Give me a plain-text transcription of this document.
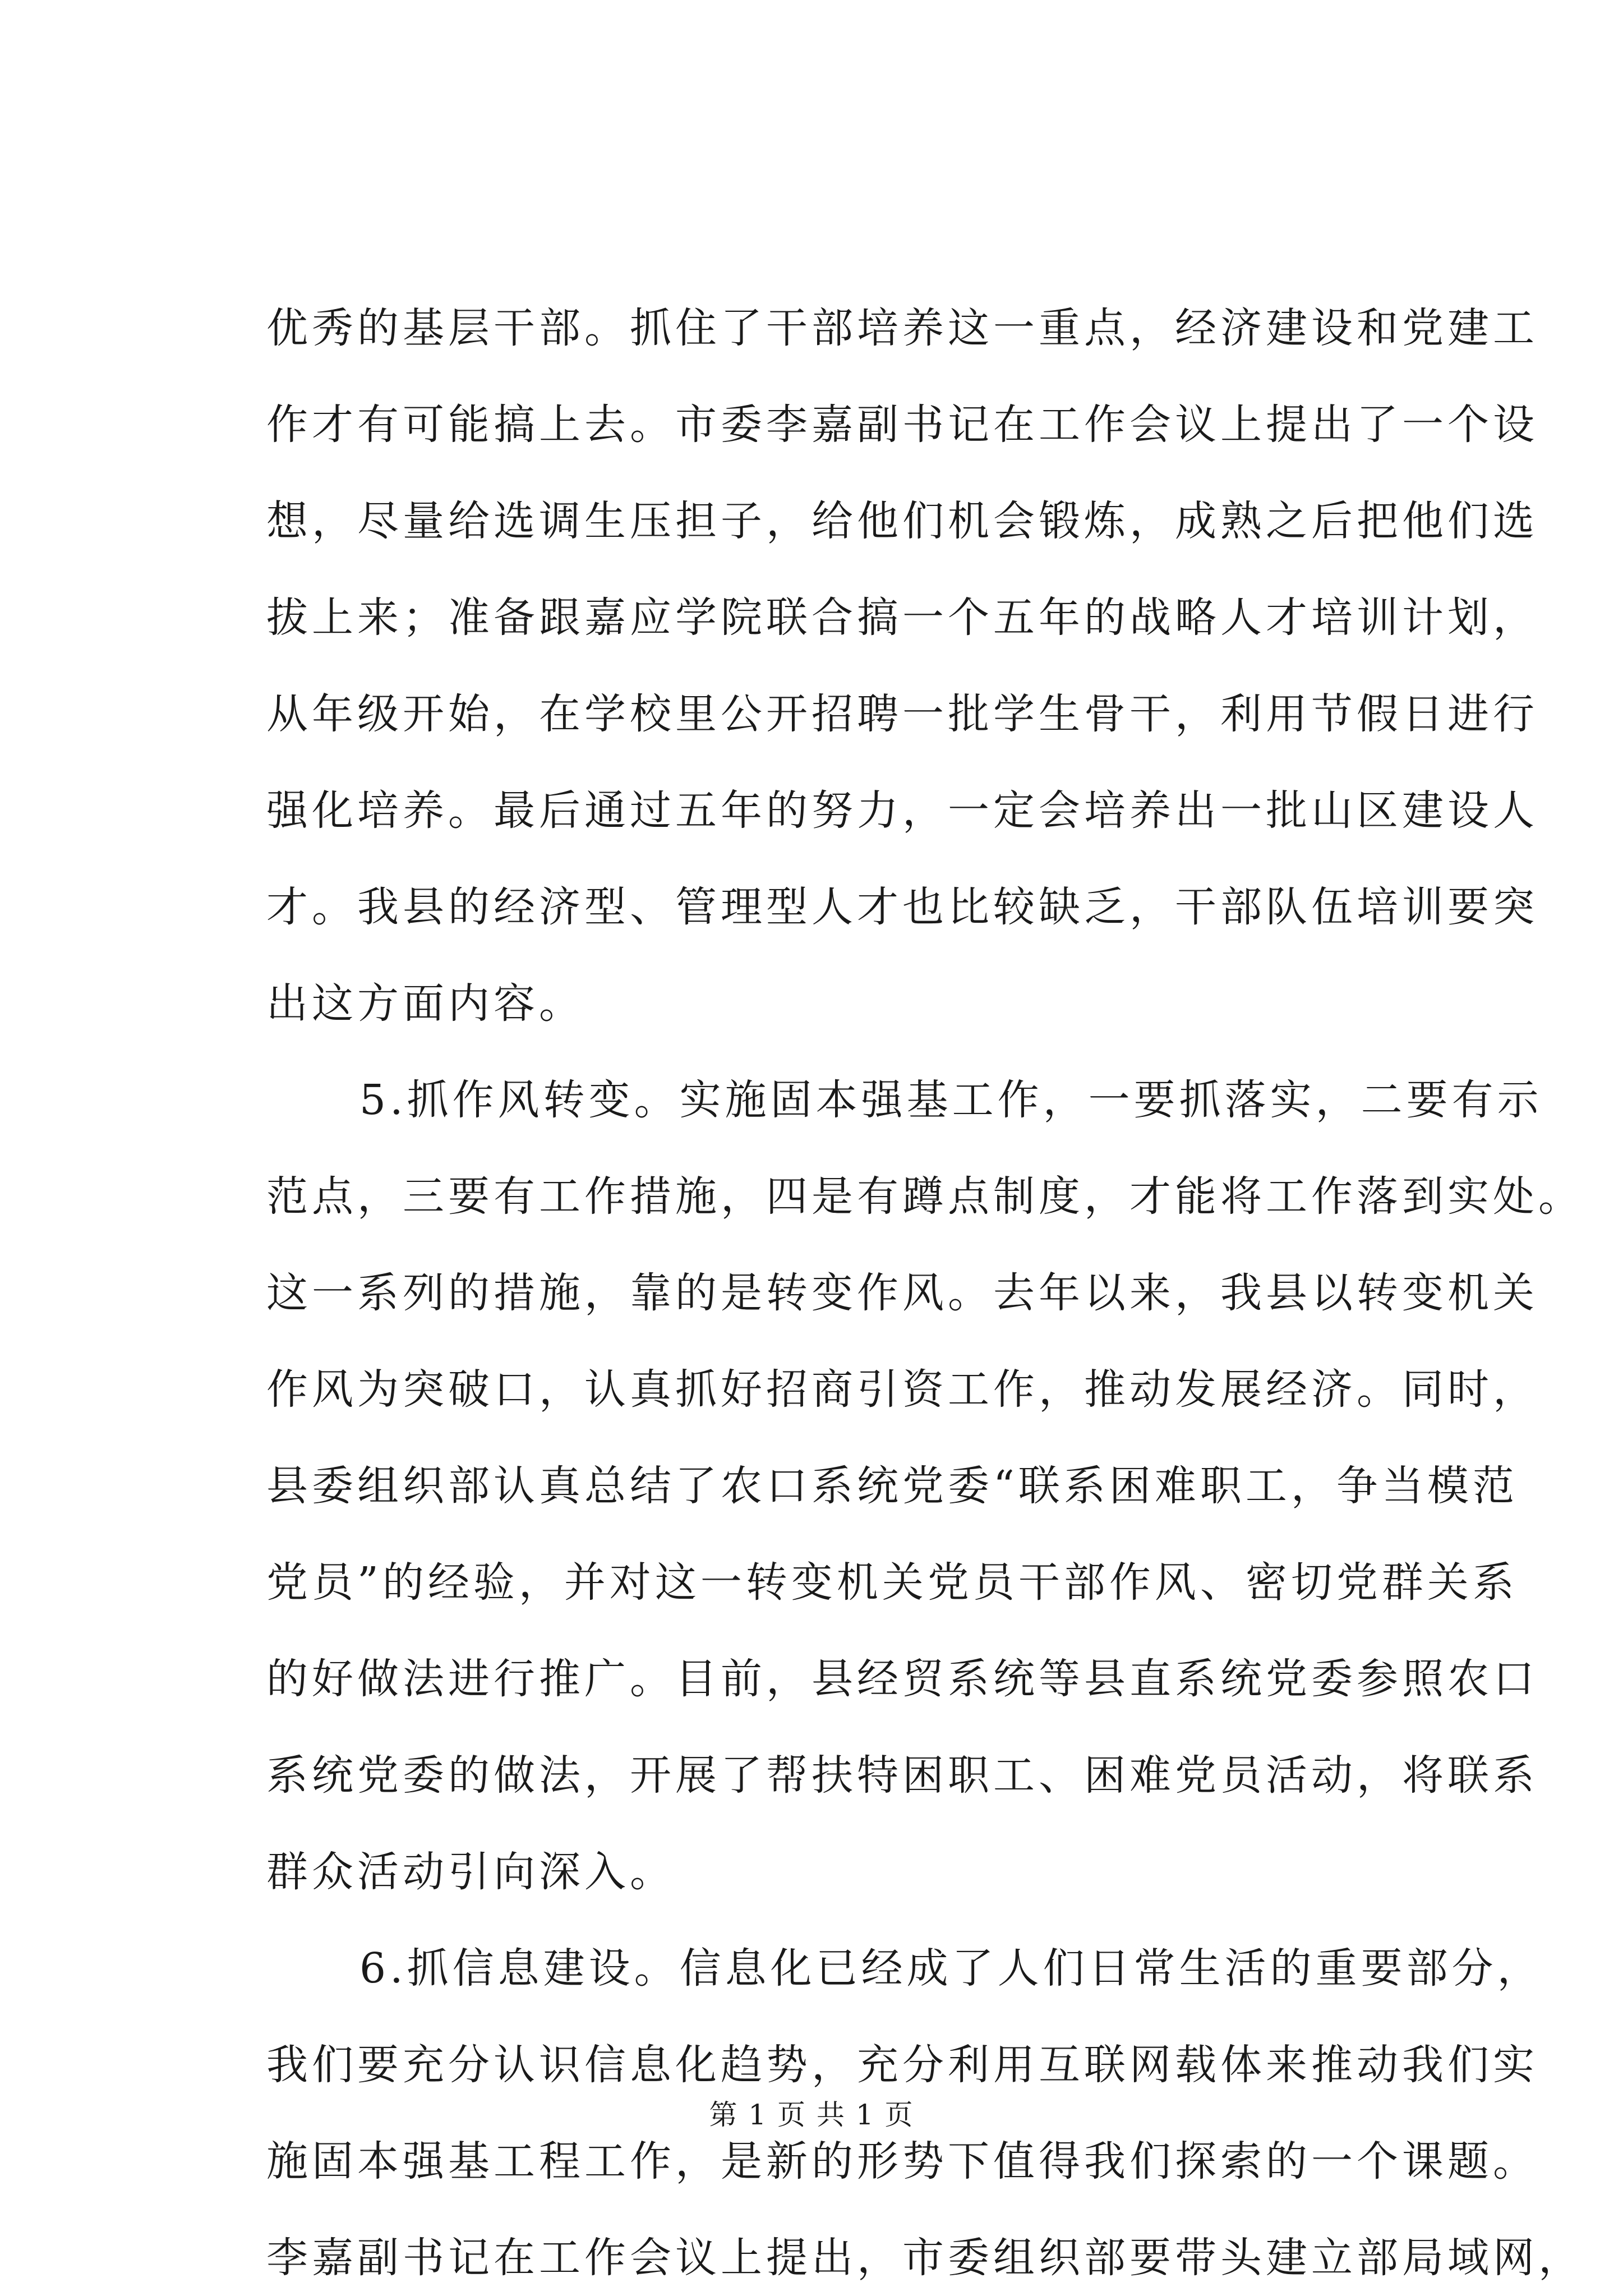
优秀的基层干部。抓住了干部培养这一重点，经济建设和党建工
作才有可能搞上去。市委李嘉副书记在工作会议上提出了一个设
想，尽量给选调生压担子，给他们机会锻炼，成熟之后把他们选
拔上来；准备跟嘉应学院联合搞一个五年的战略人才培训计划，
从年级开始，在学校里公开招聘一批学生骨干，利用节假日进行
强化培养。最后通过五年的努力，一定会培养出一批山区建设人
才。我县的经济型、管理型人才也比较缺乏，干部队伍培训要突
出这方面内容。
5.抓作风转变。实施固本强基工作，一要抓落实，二要有示
范点，三要有工作措施，四是有蹲点制度，才能将工作落到实处。
这一系列的措施，靠的是转变作风。去年以来，我县以转变机关
作风为突破口，认真抓好招商引资工作，推动发展经济。同时，
县委组织部认真总结了农口系统党委“联系困难职工，争当模范
党员”的经验，并对这一转变机关党员干部作风、密切党群关系
的好做法进行推广。目前，县经贸系统等县直系统党委参照农口
系统党委的做法，开展了帮扶特困职工、困难党员活动，将联系
群众活动引向深入。
6.抓信息建设。信息化已经成了人们日常生活的重要部分，
我们要充分认识信息化趋势，充分利用互联网载体来推动我们实
施固本强基工程工作，是新的形势下值得我们探索的一个课题。
李嘉副书记在工作会议上提出，市委组织部要带头建立部局域网，
第 1 页 共 1 页
